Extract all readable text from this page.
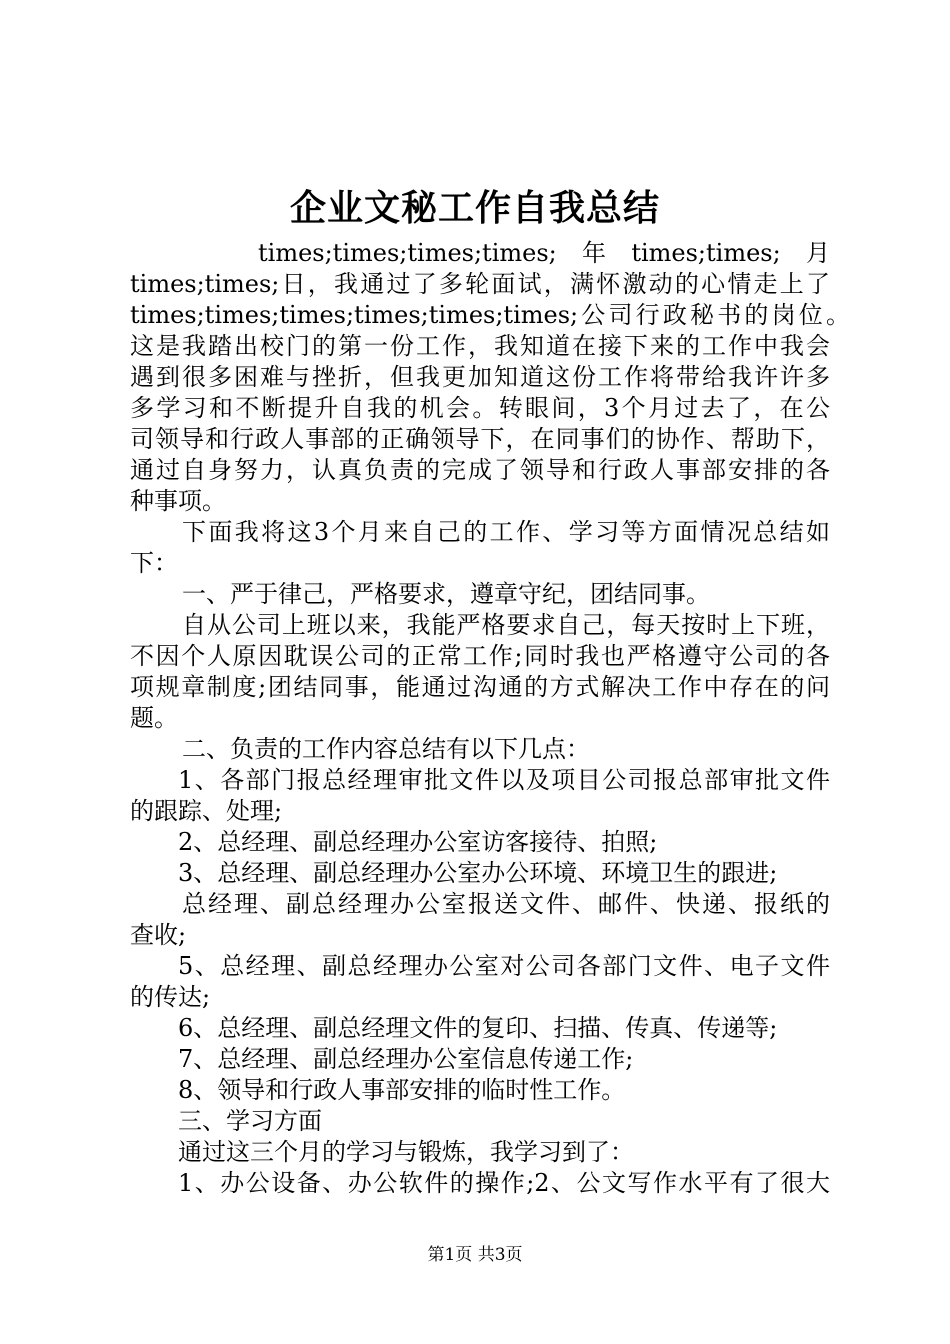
企业文秘工作自我总结
times;times;times;times;　年　times;times;　月
times;times;日，我通过了多轮面试，满怀激动的心情走上了
times;times;times;times;times;times;公司行政秘书的岗位。
这是我踏出校门的第一份工作，我知道在接下来的工作中我会
遇到很多困难与挫折，但我更加知道这份工作将带给我许许多
多学习和不断提升自我的机会。转眼间，3个月过去了，在公
司领导和行政人事部的正确领导下，在同事们的协作、帮助下，
通过自身努力，认真负责的完成了领导和行政人事部安排的各
种事项。
下面我将这3个月来自己的工作、学习等方面情况总结如
下：
一、严于律己，严格要求，遵章守纪，团结同事。
自从公司上班以来，我能严格要求自己，每天按时上下班，
不因个人原因耽误公司的正常工作;同时我也严格遵守公司的各
项规章制度;团结同事，能通过沟通的方式解决工作中存在的问
题。
二、负责的工作内容总结有以下几点：
1、各部门报总经理审批文件以及项目公司报总部审批文件
的跟踪、处理;
2、总经理、副总经理办公室访客接待、拍照;
3、总经理、副总经理办公室办公环境、环境卫生的跟进;
总经理、副总经理办公室报送文件、邮件、快递、报纸的
查收;
5、总经理、副总经理办公室对公司各部门文件、电子文件
的传达;
6、总经理、副总经理文件的复印、扫描、传真、传递等;
7、总经理、副总经理办公室信息传递工作;
8、领导和行政人事部安排的临时性工作。
三、学习方面
通过这三个月的学习与锻炼，我学习到了：
1、办公设备、办公软件的操作;2、公文写作水平有了很大
第1页 共3页
